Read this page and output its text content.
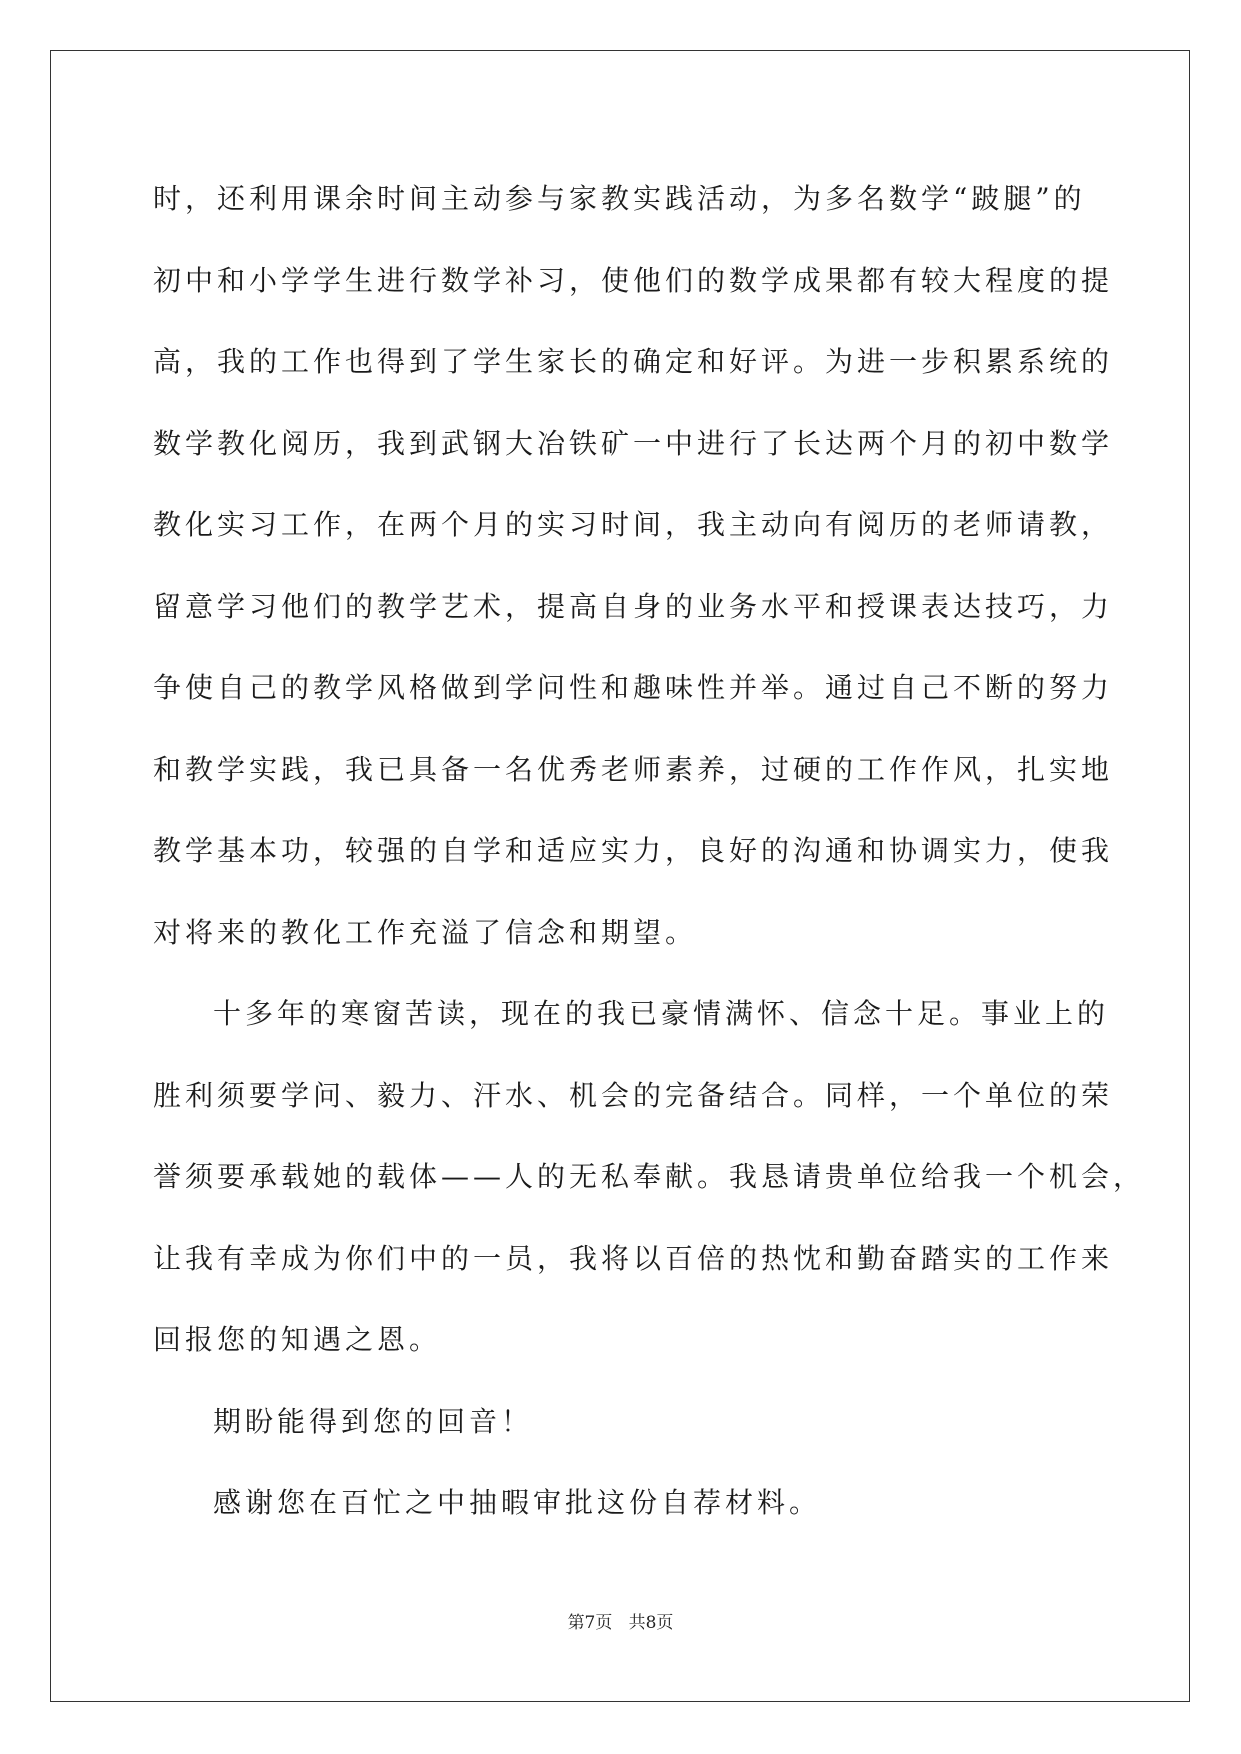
时，还利用课余时间主动参与家教实践活动，为多名数学“跛腿”的
初中和小学学生进行数学补习，使他们的数学成果都有较大程度的提
高，我的工作也得到了学生家长的确定和好评。为进一步积累系统的
数学教化阅历，我到武钢大冶铁矿一中进行了长达两个月的初中数学
教化实习工作，在两个月的实习时间，我主动向有阅历的老师请教，
留意学习他们的教学艺术，提高自身的业务水平和授课表达技巧，力
争使自己的教学风格做到学问性和趣味性并举。通过自己不断的努力
和教学实践，我已具备一名优秀老师素养，过硬的工作作风，扎实地
教学基本功，较强的自学和适应实力，良好的沟通和协调实力，使我
对将来的教化工作充溢了信念和期望。
十多年的寒窗苦读，现在的我已豪情满怀、信念十足。事业上的
胜利须要学问、毅力、汗水、机会的完备结合。同样，一个单位的荣
誉须要承载她的载体——人的无私奉献。我恳请贵单位给我一个机会，
让我有幸成为你们中的一员，我将以百倍的热忱和勤奋踏实的工作来
回报您的知遇之恩。
期盼能得到您的回音！
感谢您在百忙之中抽暇审批这份自荐材料。
第7页 共8页
